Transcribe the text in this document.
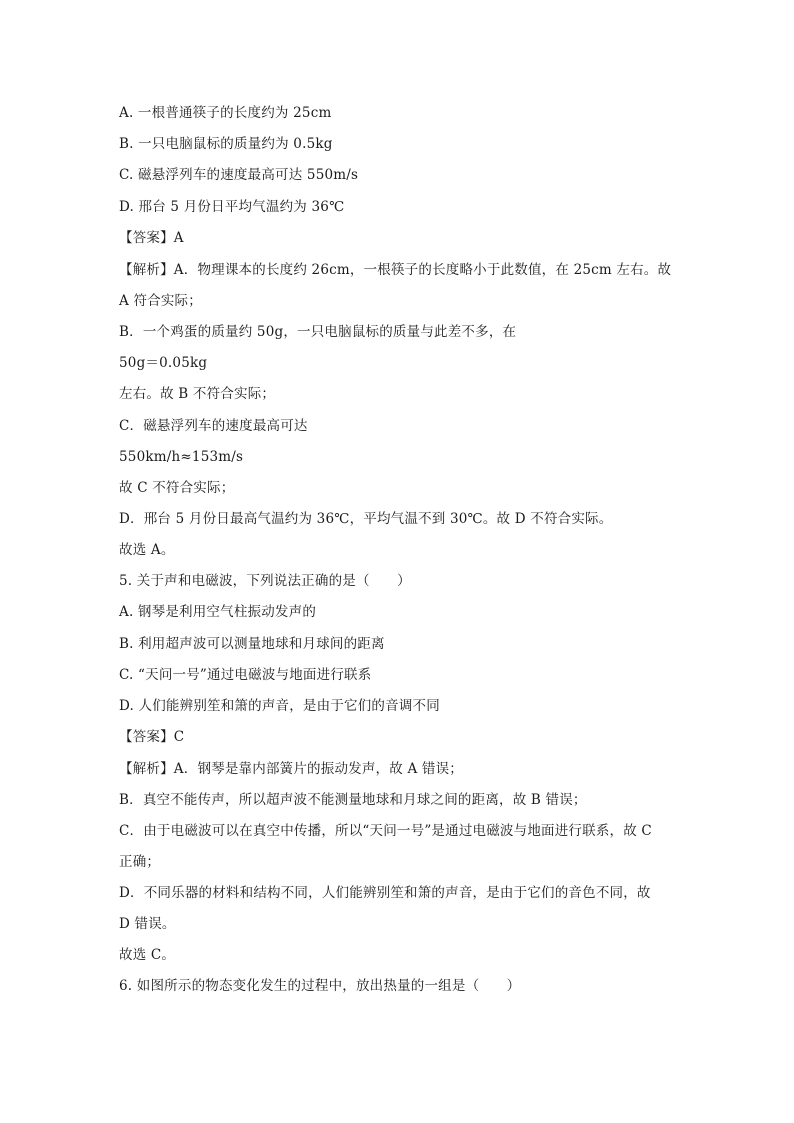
A. 一根普通筷子的长度约为 25cm
B. 一只电脑鼠标的质量约为 0.5kg
C. 磁悬浮列车的速度最高可达 550m/s
D. 邢台 5 月份日平均气温约为 36℃
【答案】A
【解析】A．物理课本的长度约 26cm，一根筷子的长度略小于此数值，在 25cm 左右。故
A 符合实际；
B．一个鸡蛋的质量约 50g，一只电脑鼠标的质量与此差不多，在
50g＝0.05kg
左右。故 B 不符合实际；
C．磁悬浮列车的速度最高可达
550km/h≈153m/s
故 C 不符合实际；
D．邢台 5 月份日最高气温约为 36℃，平均气温不到 30℃。故 D 不符合实际。
故选 A。
5. 关于声和电磁波，下列说法正确的是（　　）
A. 钢琴是利用空气柱振动发声的
B. 利用超声波可以测量地球和月球间的距离
C. “天问一号”通过电磁波与地面进行联系
D. 人们能辨别笙和箫的声音，是由于它们的音调不同
【答案】C
【解析】A．钢琴是靠内部簧片的振动发声，故 A 错误；
B．真空不能传声，所以超声波不能测量地球和月球之间的距离，故 B 错误；
C．由于电磁波可以在真空中传播，所以“天问一号”是通过电磁波与地面进行联系，故 C
正确；
D．不同乐器的材料和结构不同，人们能辨别笙和箫的声音，是由于它们的音色不同，故
D 错误。
故选 C。
6. 如图所示的物态变化发生的过程中，放出热量的一组是（　　）
